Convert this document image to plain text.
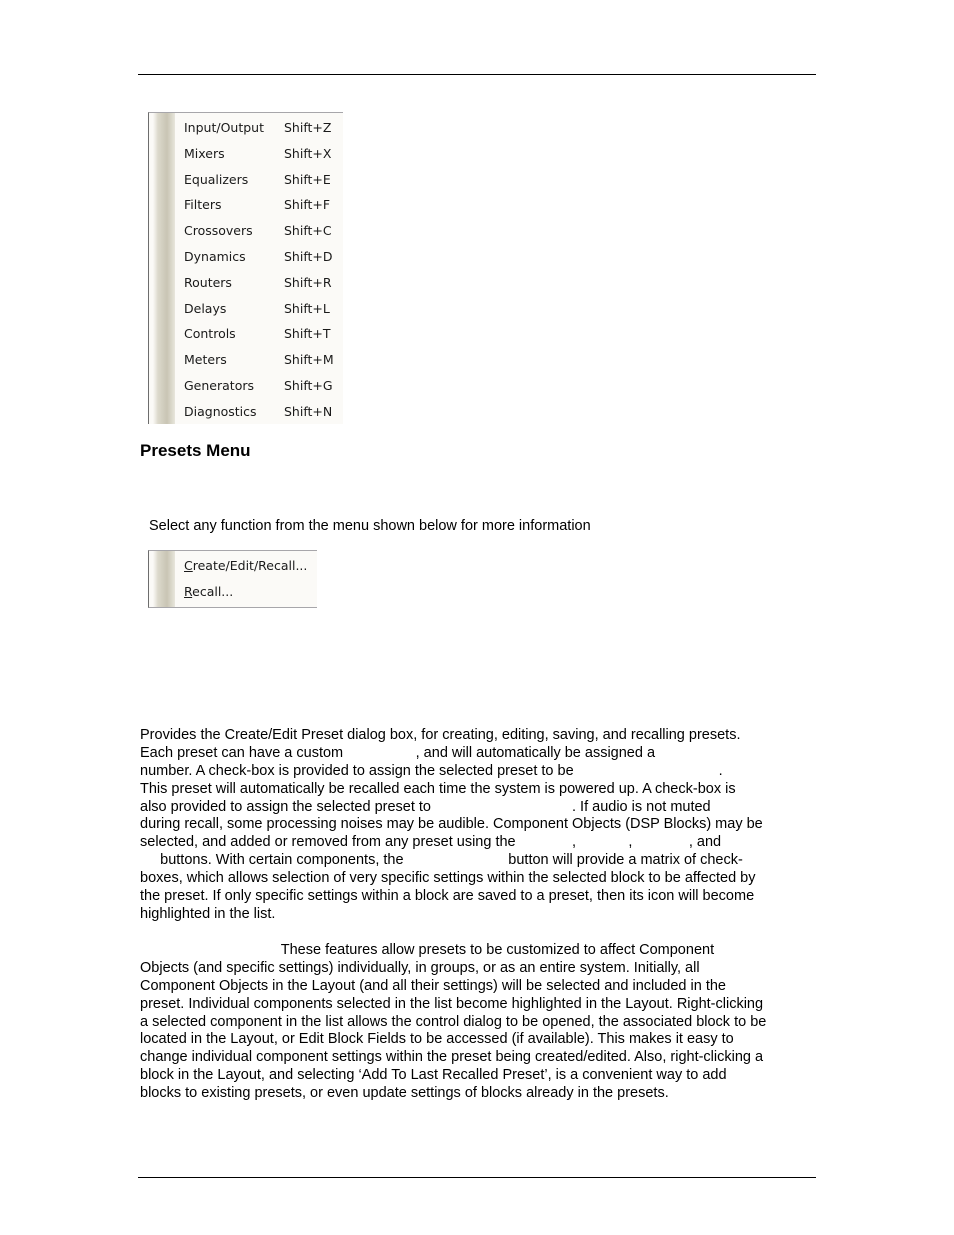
Input/Output Shift+Z
Mixers	Shift+X
Equalizers	Shift+E
Filters	Shift+F
Crossovers	Shift+C
Dynamics	Shift+D
Routers	Shift+R
Delays	Shift+L
Controls	Shift+T
Meters	Shift+M
Generators Shift+G
Diagnostics Shift+N
Presets Menu
Select any function from the menu shown below for more information
Create/Edit/Recall...
Recall...
Provides the Create/Edit Preset dialog box, for creating, editing, saving, and recalling presets.
Each preset can have a custom                  , and will automatically be assigned a
number. A check-box is provided to assign the selected preset to be                                    .
This preset will automatically be recalled each time the system is powered up. A check-box is
also provided to assign the selected preset to                                   . If audio is not muted
during recall, some processing noises may be audible. Component Objects (DSP Blocks) may be
selected, and added or removed from any preset using the              ,             ,              , and
buttons. With certain components, the                          button will provide a matrix of check-
boxes, which allows selection of very specific settings within the selected block to be affected by
the preset. If only specific settings within a block are saved to a preset, then its icon will become
highlighted in the list.
These features allow presets to be customized to affect Component
Objects (and specific settings) individually, in groups, or as an entire system. Initially, all
Component Objects in the Layout (and all their settings) will be selected and included in the
preset. Individual components selected in the list become highlighted in the Layout. Right-clicking
a selected component in the list allows the control dialog to be opened, the associated block to be
located in the Layout, or Edit Block Fields to be accessed (if available). This makes it easy to
change individual component settings within the preset being created/edited. Also, right-clicking a
block in the Layout, and selecting ‘Add To Last Recalled Preset’, is a convenient way to add
blocks to existing presets, or even update settings of blocks already in the presets.
